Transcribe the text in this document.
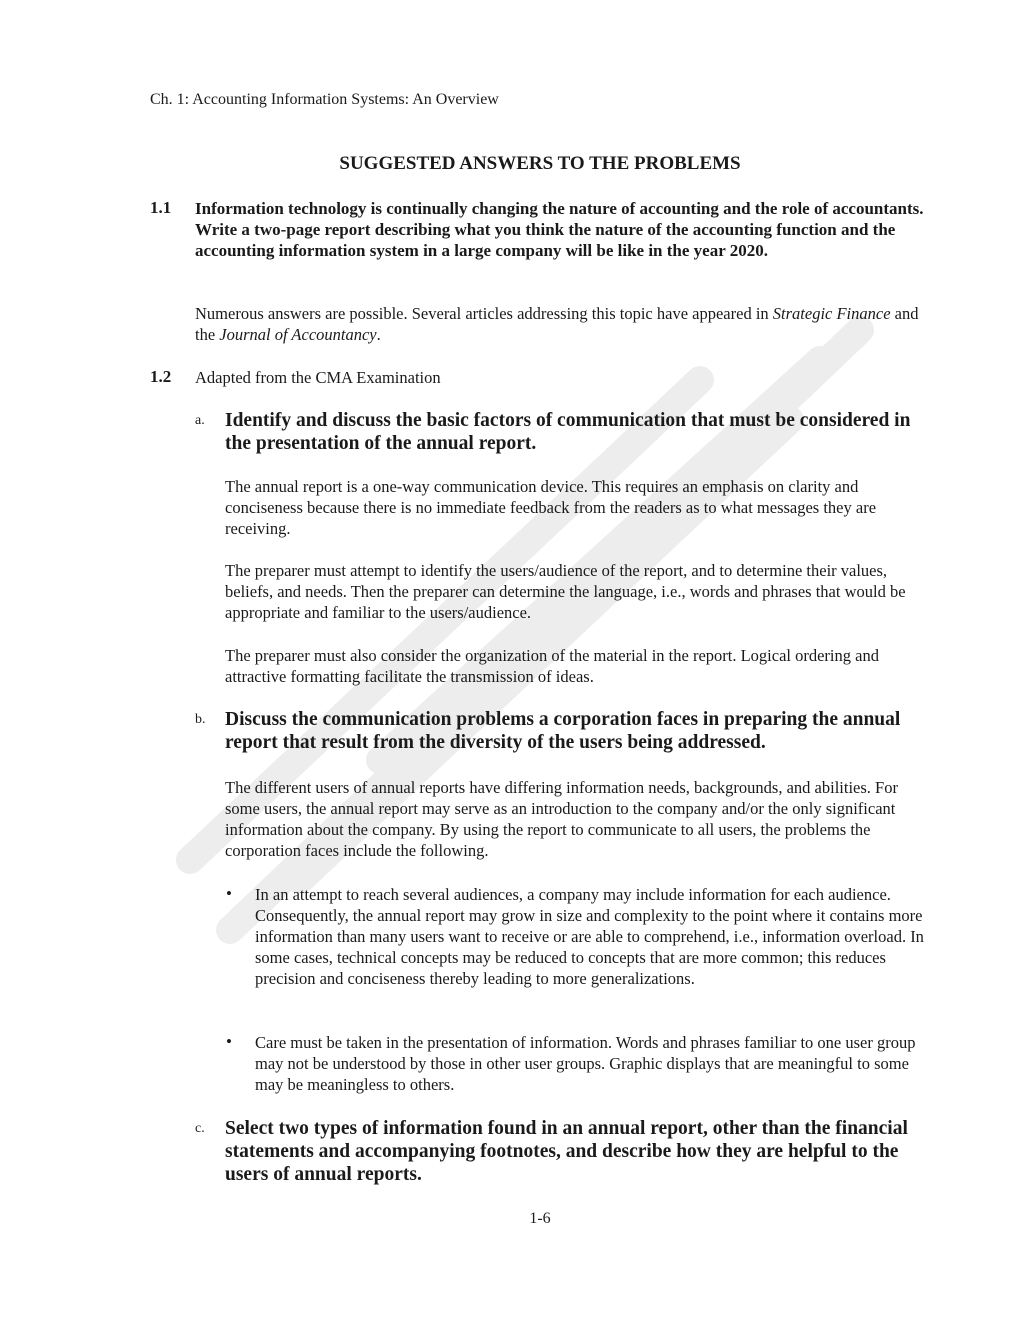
Ch. 1: Accounting Information Systems: An Overview
SUGGESTED ANSWERS TO THE PROBLEMS
1.1 Information technology is continually changing the nature of accounting and the role of accountants. Write a two-page report describing what you think the nature of the accounting function and the accounting information system in a large company will be like in the year 2020.
Numerous answers are possible. Several articles addressing this topic have appeared in Strategic Finance and the Journal of Accountancy.
1.2 Adapted from the CMA Examination
a. Identify and discuss the basic factors of communication that must be considered in the presentation of the annual report.
The annual report is a one-way communication device. This requires an emphasis on clarity and conciseness because there is no immediate feedback from the readers as to what messages they are receiving.
The preparer must attempt to identify the users/audience of the report, and to determine their values, beliefs, and needs. Then the preparer can determine the language, i.e., words and phrases that would be appropriate and familiar to the users/audience.
The preparer must also consider the organization of the material in the report. Logical ordering and attractive formatting facilitate the transmission of ideas.
b. Discuss the communication problems a corporation faces in preparing the annual report that result from the diversity of the users being addressed.
The different users of annual reports have differing information needs, backgrounds, and abilities. For some users, the annual report may serve as an introduction to the company and/or the only significant information about the company. By using the report to communicate to all users, the problems the corporation faces include the following.
• In an attempt to reach several audiences, a company may include information for each audience. Consequently, the annual report may grow in size and complexity to the point where it contains more information than many users want to receive or are able to comprehend, i.e., information overload. In some cases, technical concepts may be reduced to concepts that are more common; this reduces precision and conciseness thereby leading to more generalizations.
• Care must be taken in the presentation of information. Words and phrases familiar to one user group may not be understood by those in other user groups. Graphic displays that are meaningful to some may be meaningless to others.
c. Select two types of information found in an annual report, other than the financial statements and accompanying footnotes, and describe how they are helpful to the users of annual reports.
1-6
